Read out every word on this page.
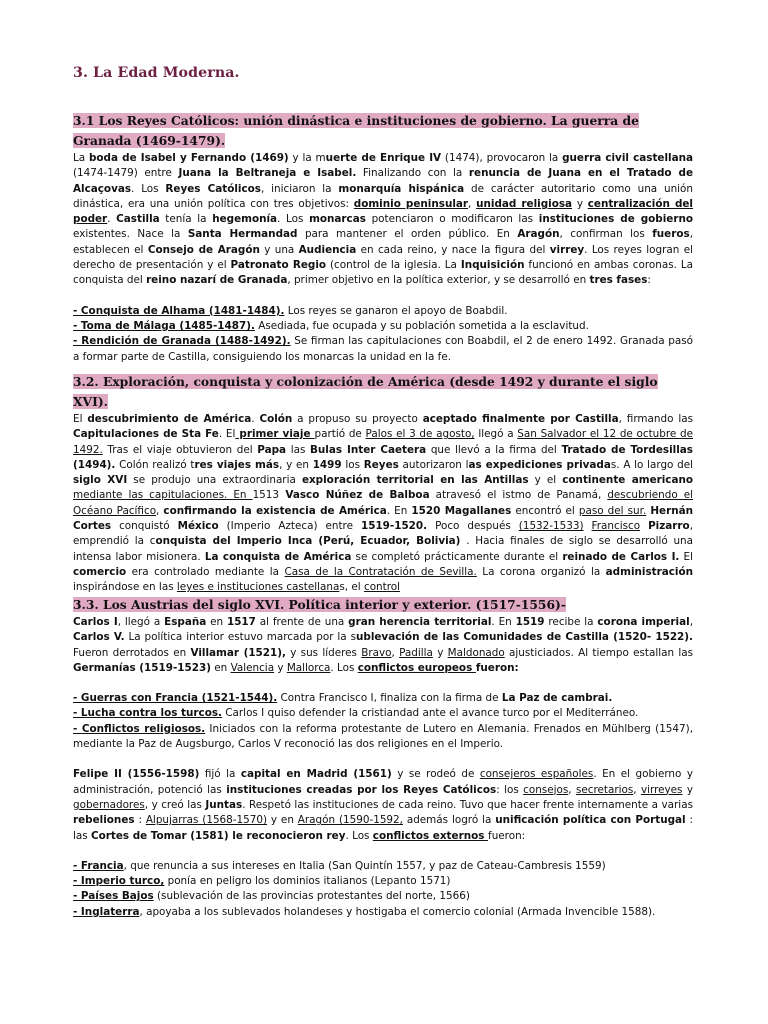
3. La Edad Moderna.
3.1 Los Reyes Católicos: unión dinástica e instituciones de gobierno. La guerra de Granada (1469-1479).

La boda de Isabel y Fernando (1469) y la muerte de Enrique IV (1474), provocaron la guerra civil castellana (1474-1479) entre Juana la Beltraneja e Isabel. Finalizando con la renuncia de Juana en el Tratado de Alcaçovas. Los Reyes Católicos, iniciaron la monarquía hispánica de carácter autoritario como una unión dinástica, era una unión política con tres objetivos: dominio peninsular, unidad religiosa y centralización del poder. Castilla tenía la hegemonía. Los monarcas potenciaron o modificaron las instituciones de gobierno existentes. Nace la Santa Hermandad para mantener el orden público. En Aragón, confirman los fueros, establecen el Consejo de Aragón y una Audiencia en cada reino, y nace la figura del virrey. Los reyes logran el derecho de presentación y el Patronato Regio (control de la iglesia. La Inquisición funcionó en ambas coronas. La conquista del reino nazarí de Granada, primer objetivo en la política exterior, y se desarrolló en tres fases:

- Conquista de Alhama (1481-1484). Los reyes se ganaron el apoyo de Boabdil.

- Toma de Málaga (1485-1487). Asediada, fue ocupada y su población sometida a la esclavitud.

- Rendición de Granada (1488-1492). Se firman las capitulaciones con Boabdil, el 2 de enero 1492. Granada pasó a formar parte de Castilla, consiguiendo los monarcas la unidad en la fe.

3.2. Exploración, conquista y colonización de América (desde 1492 y durante el siglo XVI).

El descubrimiento de América. Colón a propuso su proyecto aceptado finalmente por Castilla, firmando las Capitulaciones de Sta Fe. El primer viaje partió de Palos el 3 de agosto, llegó a San Salvador el 12 de octubre de 1492. Tras el viaje obtuvieron del Papa las Bulas Inter Caetera que llevó a la firma del Tratado de Tordesillas (1494). Colón realizó tres viajes más, y en 1499 los Reyes autorizaron las expediciones privadas. A lo largo del siglo XVI se produjo una extraordinaria exploración territorial en las Antillas y el continente americano mediante las capitulaciones. En 1513 Vasco Núñez de Balboa atravesó el istmo de Panamá, descubriendo el Océano Pacífico, confirmando la existencia de América. En 1520 Magallanes encontró el paso del sur. Hernán Cortes conquistó México (Imperio Azteca) entre 1519-1520. Poco después (1532-1533) Francisco Pizarro, emprendió la conquista del Imperio Inca (Perú, Ecuador, Bolivia) . Hacia finales de siglo se desarrolló una intensa labor misionera. La conquista de América se completó prácticamente durante el reinado de Carlos I. El comercio era controlado mediante la Casa de la Contratación de Sevilla. La corona organizó la administración inspirándose en las leyes e instituciones castellanas, el control

3.3. Los Austrias del siglo XVI. Política interior y exterior. (1517-1556)-

Carlos I, llegó a España en 1517 al frente de una gran herencia territorial. En 1519 recibe la corona imperial, Carlos V. La política interior estuvo marcada por la sublevación de las Comunidades de Castilla (1520- 1522). Fueron derrotados en Villamar (1521), y sus líderes Bravo, Padilla y Maldonado ajusticiados. Al tiempo estallan las Germanías (1519-1523) en Valencia y Mallorca. Los conflictos europeos fueron:

- Guerras con Francia (1521-1544). Contra Francisco I, finaliza con la firma de La Paz de cambrai.

- Lucha contra los turcos. Carlos I quiso defender la cristiandad ante el avance turco por el Mediterráneo.

- Conflictos religiosos. Iniciados con la reforma protestante de Lutero en Alemania. Frenados en Mühlberg (1547), mediante la Paz de Augsburgo, Carlos V reconoció las dos religiones en el Imperio.

Felipe II (1556-1598) fijó la capital en Madrid (1561) y se rodeó de consejeros españoles. En el gobierno y administración, potenció las instituciones creadas por los Reyes Católicos: los consejos, secretarios, virreyes y gobernadores, y creó las Juntas. Respetó las instituciones de cada reino. Tuvo que hacer frente internamente a varias rebeliones : Alpujarras (1568-1570) y en Aragón (1590-1592, además logró la unificación política con Portugal : las Cortes de Tomar (1581) le reconocieron rey. Los conflictos externos fueron:

- Francia, que renuncia a sus intereses en Italia (San Quintín 1557, y paz de Cateau-Cambresis 1559)

- Imperio turco, ponía en peligro los dominios italianos (Lepanto 1571)

- Países Bajos (sublevación de las provincias protestantes del norte, 1566)

- Inglaterra, apoyaba a los sublevados holandeses y hostigaba el comercio colonial (Armada Invencible 1588).
